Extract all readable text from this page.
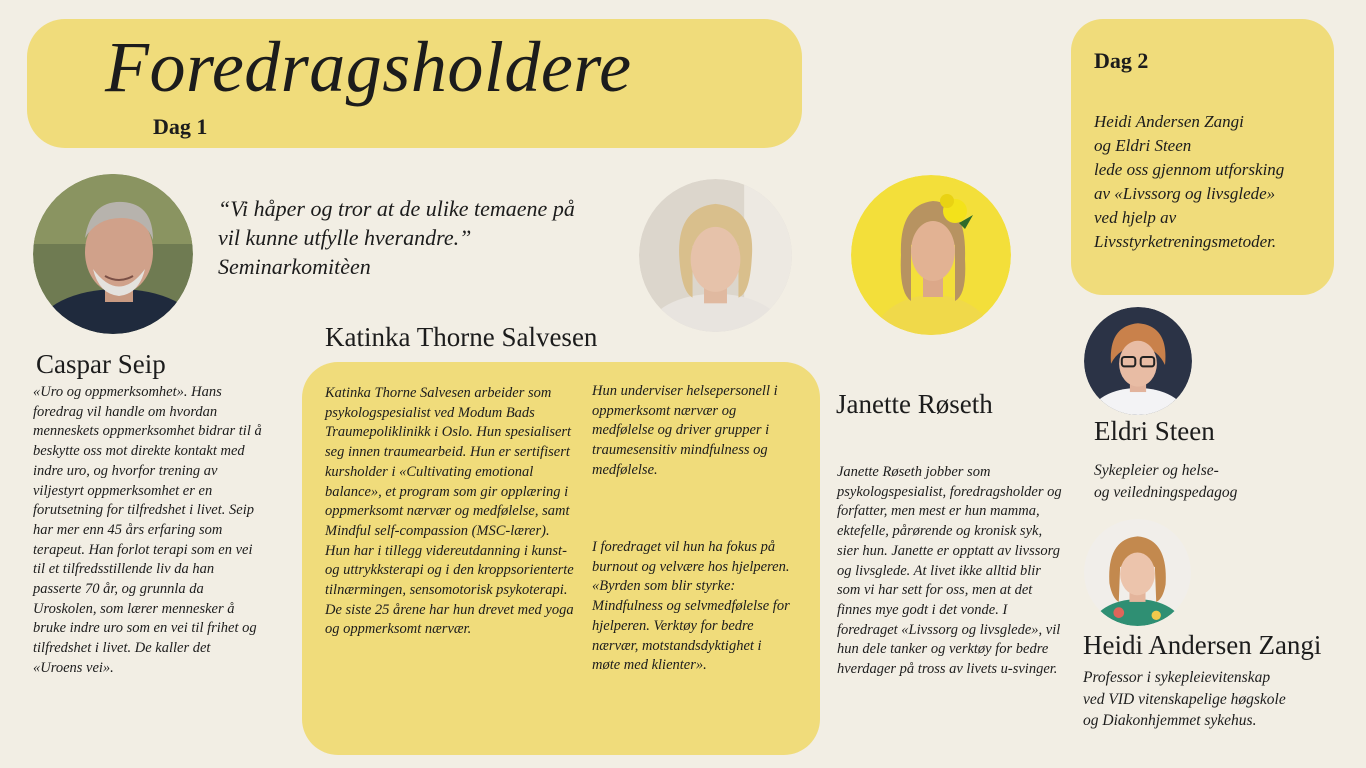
Foredragsholdere
Dag 1
Dag 2
Heidi Andersen Zangi
og Eldri Steen
lede oss gjennom utforsking
av «Livssorg og livsglede»
ved hjelp av
Livsstyrketreningsmetoder.
“Vi håper og tror at de ulike temaene på
vil kunne utfylle hverandre.”
Seminarkomitèen
Caspar Seip
«Uro og oppmerksomhet». Hans foredrag vil handle om hvordan menneskets oppmerksomhet bidrar til å beskytte oss mot direkte kontakt med indre uro, og hvorfor trening av viljestyrt oppmerksomhet er en forutsetning for tilfredshet i livet. Seip har mer enn 45 års erfaring som terapeut. Han forlot terapi som en vei til et tilfredsstillende liv da han passerte 70 år, og grunnla da Uroskolen, som lærer mennesker å bruke indre uro som en vei til frihet og tilfredshet i livet. De kaller det «Uroens vei».
Katinka Thorne Salvesen
Katinka Thorne Salvesen arbeider som psykologspesialist ved Modum Bads Traumepoliklinikk i Oslo. Hun spesialisert seg innen traumearbeid. Hun er sertifisert kursholder i «Cultivating emotional balance», et program som gir opplæring i oppmerksomt nærvær og medfølelse, samt Mindful self-compassion (MSC-lærer). Hun har i tillegg videreutdanning i kunst- og uttrykksterapi og i den kroppsorienterte tilnærmingen, sensomotorisk psykoterapi. De siste 25 årene har hun drevet med yoga og oppmerksomt nærvær.
Hun underviser helsepersonell i oppmerksomt nærvær og medfølelse og driver grupper i traumesensitiv mindfulness og medfølelse.
I foredraget vil hun ha fokus på burnout og velvære hos hjelperen. «Byrden som blir styrke: Mindfulness og selvmedfølelse for hjelperen. Verktøy for bedre nærvær, motstandsdyktighet i møte med klienter».
Janette Røseth
Janette Røseth jobber som psykologspesialist, foredragsholder og forfatter, men mest er hun mamma, ektefelle, pårørende og kronisk syk, sier hun. Janette er opptatt av livssorg og livsglede. At livet ikke alltid blir som vi har sett for oss, men at det finnes mye godt i det vonde. I foredraget «Livssorg og livsglede», vil hun dele tanker og verktøy for bedre hverdager på tross av livets u-svinger.
Eldri Steen
Sykepleier og helse-
og veiledningspedagog
Heidi Andersen Zangi
Professor i sykepleievitenskap
ved VID vitenskapelige høgskole
og Diakonhjemmet sykehus.
